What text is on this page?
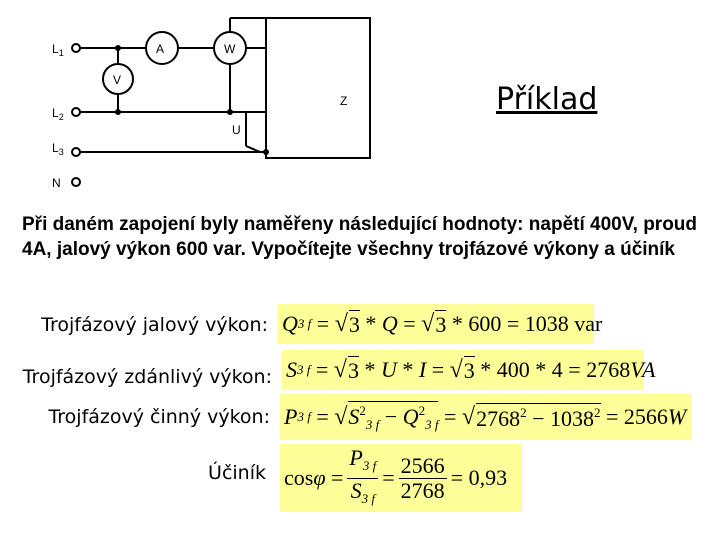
$L_1$
$L_2$
$L_3$
N
A	W
V
U
Z	Příklad
Při daném zapojení byly naměřeny následující hodnoty: napětí 400V, proud 4A, jalový výkon 600 var. Vypočítejte všechny trojfázové výkony a účiník
Trojfázový jalový výkon: Q 3 f = √ 3 * Q = √ 3 * 600 = 1038 var
Trojfázový zdánlivý výkon: S 3 f = √ 3 * U * I = √ 3 * 400 * 4 = 2768 VA
Trojfázový činný výkon: P 3 f = √ $S^2_{3 f} - Q^2_{3 f}$ = √ $2768^2 - 1038^2 = 2566$ W
Účiník $\cos \varphi = \frac{P_{3 f}}{S_{3 f}} = \frac{2566}{2768} = 0,93$
